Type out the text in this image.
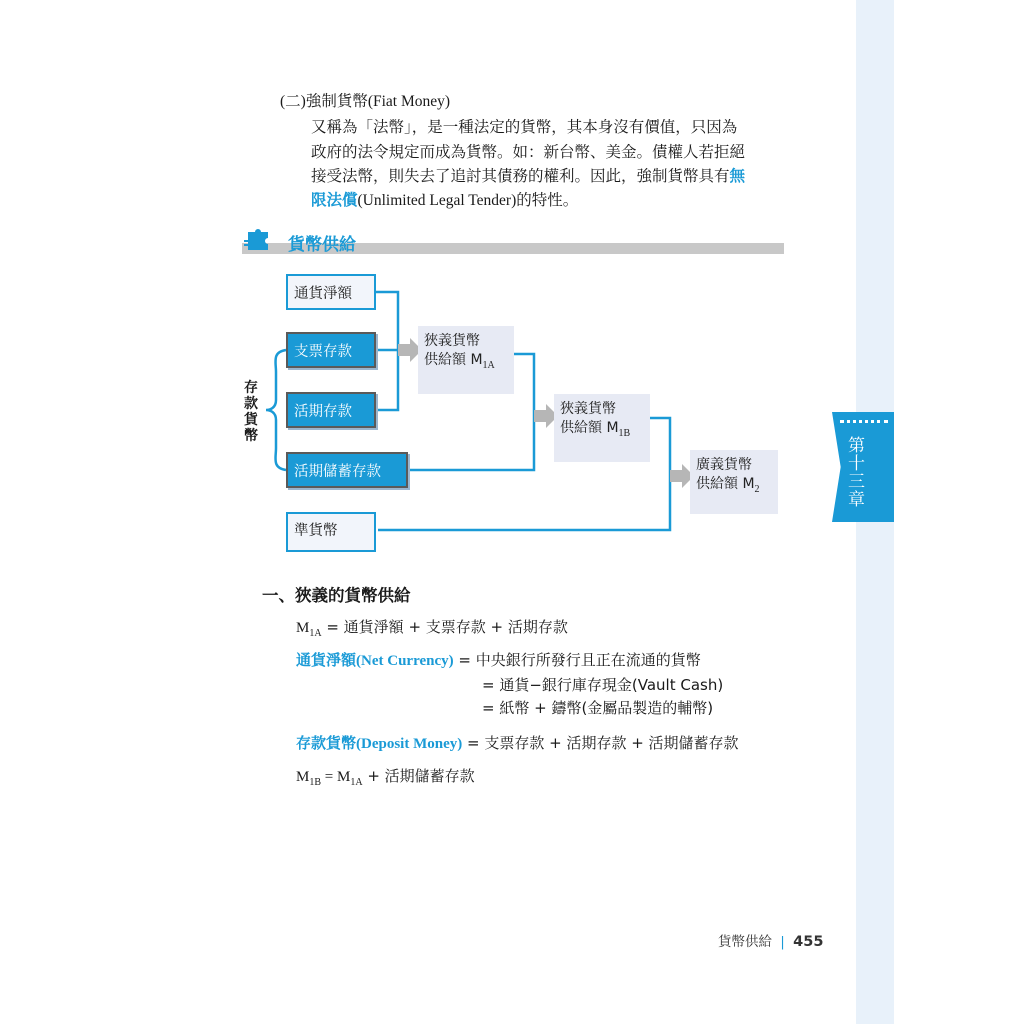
第十三章
(二)強制貨幣(Fiat Money)
又稱為「法幣」，是一種法定的貨幣，其本身沒有價值，只因為
政府的法令規定而成為貨幣。如：新台幣、美金。債權人若拒絕
接受法幣，則失去了追討其債務的權利。因此，強制貨幣具有無
限法償(Unlimited Legal Tender)的特性。
貨幣供給
存款貨幣
通貨淨額
支票存款
活期存款
活期儲蓄存款
準貨幣
狹義貨幣
供給額 $M_{1A}$
狹義貨幣
供給額 $M_{1B}$
廣義貨幣
供給額 $M_2$
一、狹義的貨幣供給
$M_{1A}$ = 通貨淨額 + 支票存款 + 活期存款
通貨淨額(Net Currency) = 中央銀行所發行且正在流通的貨幣
= 通貨−銀行庫存現金(Vault Cash)
= 紙幣 + 鑄幣(金屬品製造的輔幣)
存款貨幣(Deposit Money) = 支票存款 + 活期存款 + 活期儲蓄存款
$M_{1B} = M_{1A}$ + 活期儲蓄存款
貨幣供給 | 455
